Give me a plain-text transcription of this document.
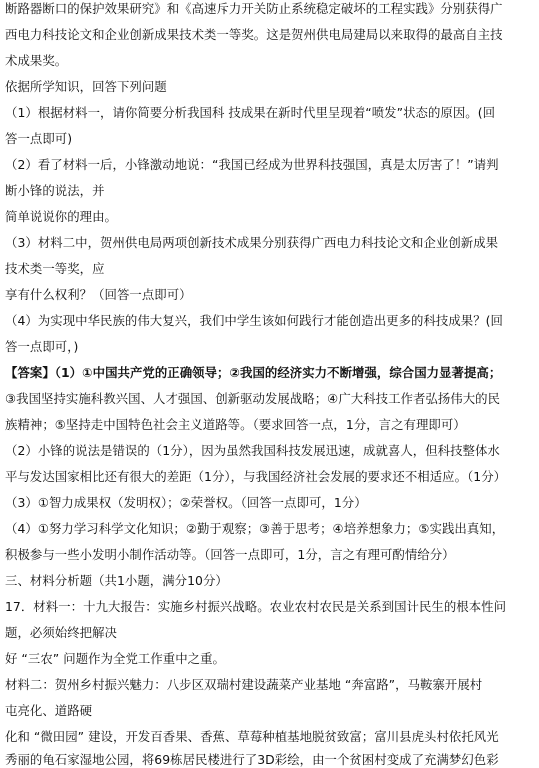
断路器断口的保护效果研究》和《高速斥力开关防止系统稳定破坏的工程实践》分别获得广
西电力科技论文和企业创新成果技术类一等奖。这是贺州供电局建局以来取得的最高自主技
术成果奖。
依据所学知识，回答下列问题
（1）根据材料一，请你简要分析我国科 技成果在新时代里呈现着“喷发”状态的原因。(回
答一点即可)
（2）看了材料一后，小锋激动地说：“我国已经成为世界科技强国，真是太厉害了！”请判
断小锋的说法，并
简单说说你的理由。
（3）材料二中，贺州供电局两项创新技术成果分别获得广西电力科技论文和企业创新成果
技术类一等奖，应
享有什么权利？（回答一点即可）
（4）为实现中华民族的伟大复兴，我们中学生该如何践行才能创造出更多的科技成果？(回
答一点即可，)
【答案】（1）①中国共产党的正确领导；②我国的经济实力不断增强，综合国力显著提高；
③我国坚持实施科教兴国、人才强国、创新驱动发展战略；④广大科技工作者弘扬伟大的民
族精神；⑤坚持走中国特色社会主义道路等。（要求回答一点，1分，言之有理即可）
（2）小锋的说法是错误的（1分），因为虽然我国科技发展迅速，成就喜人，但科技整体水
平与发达国家相比还有很大的差距（1分），与我国经济社会发展的要求还不相适应。（1分）
（3）①智力成果权（发明权）；②荣誉权。（回答一点即可，1分）
（4）①努力学习科学文化知识；②勤于观察；③善于思考；④培养想象力；⑤实践出真知，
积极参与一些小发明小制作活动等。（回答一点即可，1分，言之有理可酌情给分）
三、材料分析题（共1小题，满分10分）
17．材料一：十九大报告：实施乡村振兴战略。农业农村农民是关系到国计民生的根本性问
题，必须始终把解决
好 “三农” 问题作为全党工作重中之重。
材料二：贺州乡村振兴魅力：八步区双瑞村建设蔬菜产业基地 “奔富路”，马鞍寨开展村
屯亮化、道路硬
化和 “微田园” 建设，开发百香果、香蕉、草莓种植基地脱贫致富；富川县虎头村依托风光
秀丽的龟石家湿地公园，将69栋居民楼进行了3D彩绘，由一个贫困村变成了充满梦幻色彩
